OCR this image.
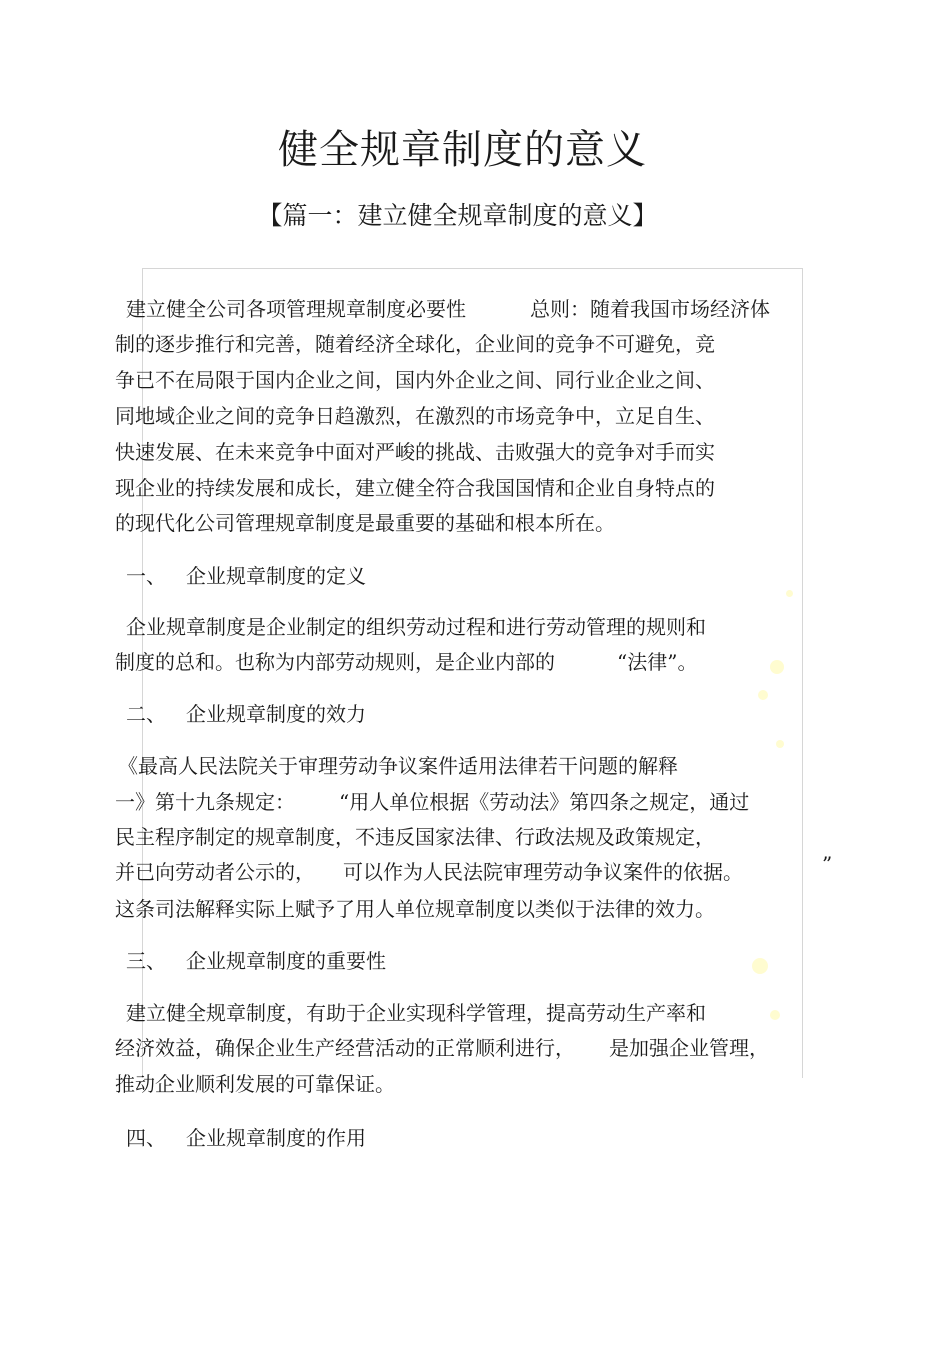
健全规章制度的意义
【篇一：建立健全规章制度的意义】
建立健全公司各项管理规章制度必要性	总则：随着我国市场经济体
制的逐步推行和完善，随着经济全球化，企业间的竞争不可避免，竞
争已不在局限于国内企业之间，国内外企业之间、同行业企业之间、
同地域企业之间的竞争日趋激烈，在激烈的市场竞争中，立足自生、
快速发展、在未来竞争中面对严峻的挑战、击败强大的竞争对手而实
现企业的持续发展和成长，建立健全符合我国国情和企业自身特点的
的现代化公司管理规章制度是最重要的基础和根本所在。
一、 企业规章制度的定义
企业规章制度是企业制定的组织劳动过程和进行劳动管理的规则和
制度的总和。也称为内部劳动规则，是企业内部的	“法律”。
二、 企业规章制度的效力
《最高人民法院关于审理劳动争议案件适用法律若干问题的解释
一》第十九条规定： “用人单位根据《劳动法》第四条之规定，通过
民主程序制定的规章制度，不违反国家法律、行政法规及政策规定，
并已向劳动者公示的， 可以作为人民法院审理劳动争议案件的依据。	”
这条司法解释实际上赋予了用人单位规章制度以类似于法律的效力。
三、 企业规章制度的重要性
建立健全规章制度，有助于企业实现科学管理，提高劳动生产率和
经济效益，确保企业生产经营活动的正常顺利进行， 是加强企业管理，
推动企业顺利发展的可靠保证。
四、 企业规章制度的作用
